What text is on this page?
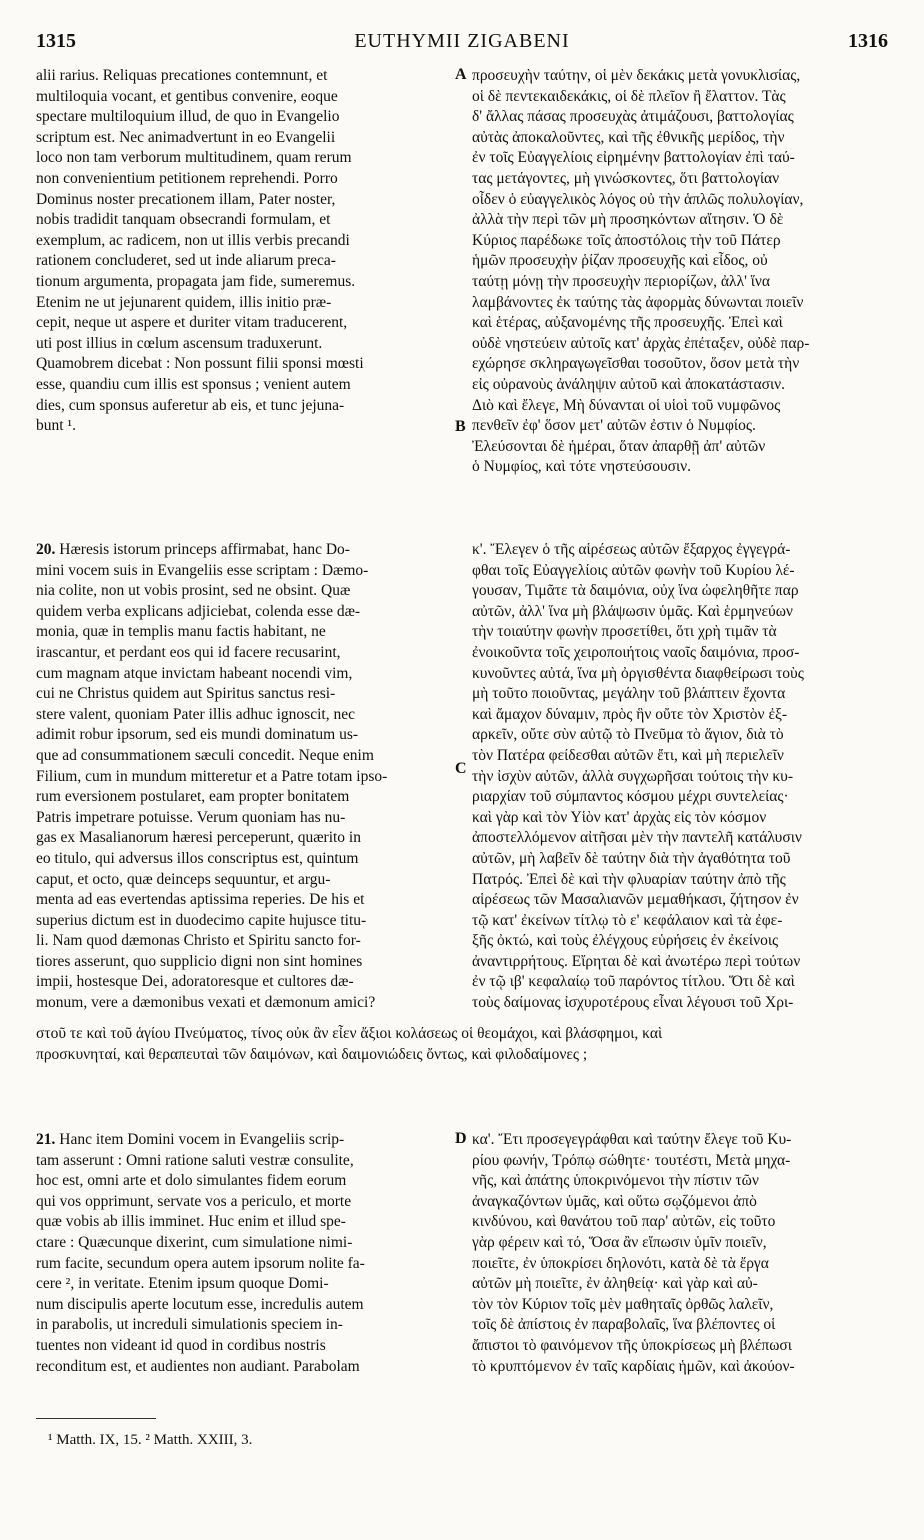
1315	EUTHYMII ZIGABENI	1316
alii rarius. Reliquas precationes contemnunt, et
multiloquia vocant, et gentibus convenire, eoque
spectare multiloquium illud, de quo in Evangelio
scriptum est. Nec animadvertunt in eo Evangelii
loco non tam verborum multitudinem, quam rerum
non convenientium petitionem reprehendi. Porro
Dominus noster precationem illam, Pater noster,
nobis tradidit tanquam obsecrandi formulam, et
exemplum, ac radicem, non ut illis verbis precandi
rationem concluderet, sed ut inde aliarum preca-
tionum argumenta, propagata jam fide, sumeremus.
Etenim ne ut jejunarent quidem, illis initio præ-
cepit, neque ut aspere et duriter vitam traducerent,
uti post illius in cœlum ascensum traduxerunt.
Quamobrem dicebat : Non possunt filii sponsi mœsti
esse, quandiu cum illis est sponsus ; venient autem
dies, cum sponsus auferetur ab eis, et tunc jejuna-
bunt ¹.
20. Hæresis istorum princeps affirmabat, hanc Do-
mini vocem suis in Evangeliis esse scriptam : Dæmo-
nia colite, non ut vobis prosint, sed ne obsint. Quæ
quidem verba explicans adjiciebat, colenda esse dæ-
monia, quæ in templis manu factis habitant, ne
irascantur, et perdant eos qui id facere recusarint,
cum magnam atque invictam habeant nocendi vim,
cui ne Christus quidem aut Spiritus sanctus resi-
stere valent, quoniam Pater illis adhuc ignoscit, nec
adimit robur ipsorum, sed eis mundi dominatum us-
que ad consummationem sæculi concedit. Neque enim
Filium, cum in mundum mitteretur et a Patre totam ipso-
rum eversionem postularet, eam propter bonitatem
Patris impetrare potuisse. Verum quoniam has nu-
gas ex Masalianorum hæresi perceperunt, quærito in
eo titulo, qui adversus illos conscriptus est, quintum
caput, et octo, quæ deinceps sequuntur, et argu-
menta ad eas evertendas aptissima reperies. De his et
superius dictum est in duodecimo capite hujusce titu-
li. Nam quod dæmonas Christo et Spiritu sancto for-
tiores asserunt, quo supplicio digni non sint homines
impii, hostesque Dei, adoratoresque et cultores dæ-
monum, vere a dæmonibus vexati et dæmonum amici?
21. Hanc item Domini vocem in Evangeliis scrip-
tam asserunt : Omni ratione saluti vestræ consulite,
hoc est, omni arte et dolo simulantes fidem eorum
qui vos opprimunt, servate vos a periculo, et morte
quæ vobis ab illis imminet. Huc enim et illud spe-
ctare : Quæcunque dixerint, cum simulatione nimi-
rum facite, secundum opera autem ipsorum nolite fa-
cere ², in veritate. Etenim ipsum quoque Domi-
num discipulis aperte locutum esse, incredulis autem
in parabolis, ut increduli simulationis speciem in-
tuentes non videant id quod in cordibus nostris
reconditum est, et audientes non audiant. Parabolam
προσευχὴν ταύτην, οἱ μὲν δεκάκις μετὰ γονυκλισίας,
οἱ δὲ πεντεκαιδεκάκις, οἱ δὲ πλεῖον ἢ ἔλαττον. Τὰς
δ' ἄλλας πάσας προσευχὰς ἀτιμάζουσι, βαττολογίας
αὐτὰς ἀποκαλοῦντες, καὶ τῆς ἐθνικῆς μερίδος, τὴν
ἐν τοῖς Εὐαγγελίοις εἰρημένην βαττολογίαν ἐπὶ ταύ-
τας μετάγοντες, μὴ γινώσκοντες, ὅτι βαττολογίαν
οἶδεν ὁ εὐαγγελικὸς λόγος οὐ τὴν ἁπλῶς πολυλογίαν,
ἀλλὰ τὴν περὶ τῶν μὴ προσηκόντων αἴτησιν. Ὁ δὲ
Κύριος παρέδωκε τοῖς ἀποστόλοις τὴν τοῦ Πάτερ
ἡμῶν προσευχὴν ῥίζαν προσευχῆς καὶ εἶδος, οὐ
ταύτῃ μόνῃ τὴν προσευχὴν περιορίζων, ἀλλ' ἵνα
λαμβάνοντες ἐκ ταύτης τὰς ἀφορμὰς δύνωνται ποιεῖν
καὶ ἑτέρας, αὐξανομένης τῆς προσευχῆς. Ἐπεὶ καὶ
οὐδὲ νηστεύειν αὐτοῖς κατ' ἀρχὰς ἐπέταξεν, οὐδὲ παρ-
εχώρησε σκληραγωγεῖσθαι τοσοῦτον, ὅσον μετὰ τὴν
εἰς οὐρανοὺς ἀνάληψιν αὐτοῦ καὶ ἀποκατάστασιν.
Διὸ καὶ ἔλεγε, Μὴ δύνανται οἱ υἱοὶ τοῦ νυμφῶνος
πενθεῖν ἐφ' ὅσον μετ' αὐτῶν ἐστιν ὁ Νυμφίος.
Ἐλεύσονται δὲ ἡμέραι, ὅταν ἀπαρθῇ ἀπ' αὐτῶν
ὁ Νυμφίος, καὶ τότε νηστεύσουσιν.
κ'. Ἔλεγεν ὁ τῆς αἱρέσεως αὐτῶν ἔξαρχος ἐγγεγρά-
φθαι τοῖς Εὐαγγελίοις αὐτῶν φωνὴν τοῦ Κυρίου λέ-
γουσαν, Τιμᾶτε τὰ δαιμόνια, οὐχ ἵνα ὠφεληθῆτε παρ
αὐτῶν, ἀλλ' ἵνα μὴ βλάψωσιν ὑμᾶς. Καὶ ἑρμηνεύων
τὴν τοιαύτην φωνὴν προσετίθει, ὅτι χρὴ τιμᾶν τὰ
ἐνοικοῦντα τοῖς χειροποιήτοις ναοῖς δαιμόνια, προσ-
κυνοῦντες αὐτά, ἵνα μὴ ὀργισθέντα διαφθείρωσι τοὺς
μὴ τοῦτο ποιοῦντας, μεγάλην τοῦ βλάπτειν ἔχοντα
καὶ ἄμαχον δύναμιν, πρὸς ἣν οὔτε τὸν Χριστὸν ἐξ-
αρκεῖν, οὔτε σὺν αὐτῷ τὸ Πνεῦμα τὸ ἅγιον, διὰ τὸ
τὸν Πατέρα φείδεσθαι αὐτῶν ἔτι, καὶ μὴ περιελεῖν
τὴν ἰσχὺν αὐτῶν, ἀλλὰ συγχωρῆσαι τούτοις τὴν κυ-
ριαρχίαν τοῦ σύμπαντος κόσμου μέχρι συντελείας·
καὶ γὰρ καὶ τὸν Υἱὸν κατ' ἀρχὰς εἰς τὸν κόσμον
ἀποστελλόμενον αἰτῆσαι μὲν τὴν παντελῆ κατάλυσιν
αὐτῶν, μὴ λαβεῖν δὲ ταύτην διὰ τὴν ἀγαθότητα τοῦ
Πατρός. Ἐπεὶ δὲ καὶ τὴν φλυαρίαν ταύτην ἀπὸ τῆς
αἱρέσεως τῶν Μασαλιανῶν μεμαθήκασι, ζήτησον ἐν
τῷ κατ' ἐκείνων τίτλῳ τὸ ε' κεφάλαιον καὶ τὰ ἐφε-
ξῆς ὀκτώ, καὶ τοὺς ἐλέγχους εὑρήσεις ἐν ἐκείνοις
ἀναντιρρήτους. Εἴρηται δὲ καὶ ἀνωτέρω περὶ τούτων
ἐν τῷ ιβ' κεφαλαίῳ τοῦ παρόντος τίτλου. Ὅτι δὲ καὶ
τοὺς δαίμονας ἰσχυροτέρους εἶναι λέγουσι τοῦ Χρι-
στοῦ τε καὶ τοῦ ἁγίου Πνεύματος, τίνος οὐκ ἂν εἶεν ἄξιοι κολάσεως οἱ θεομάχοι, καὶ βλάσφημοι, καὶ
προσκυνηταί, καὶ θεραπευταὶ τῶν δαιμόνων, καὶ δαιμονιώδεις ὄντως, καὶ φιλοδαίμονες ;
κα'. Ἔτι προσεγεγράφθαι καὶ ταύτην ἔλεγε τοῦ Κυ-
ρίου φωνήν, Τρόπῳ σώθητε· τουτέστι, Μετὰ μηχα-
νῆς, καὶ ἀπάτης ὑποκρινόμενοι τὴν πίστιν τῶν
ἀναγκαζόντων ὑμᾶς, καὶ οὕτω σῳζόμενοι ἀπὸ
κινδύνου, καὶ θανάτου τοῦ παρ' αὐτῶν, εἰς τοῦτο
γὰρ φέρειν καὶ τό, Ὅσα ἂν εἴπωσιν ὑμῖν ποιεῖν,
ποιεῖτε, ἐν ὑποκρίσει δηλονότι, κατὰ δὲ τὰ ἔργα
αὐτῶν μὴ ποιεῖτε, ἐν ἀληθείᾳ· καὶ γὰρ καὶ αὐ-
τὸν τὸν Κύριον τοῖς μὲν μαθηταῖς ὀρθῶς λαλεῖν,
τοῖς δὲ ἀπίστοις ἐν παραβολαῖς, ἵνα βλέποντες οἱ
ἄπιστοι τὸ φαινόμενον τῆς ὑποκρίσεως μὴ βλέπωσι
τὸ κρυπτόμενον ἐν ταῖς καρδίαις ἡμῶν, καὶ ἀκούον-
A
B
C
D
¹ Matth. IX, 15. ² Matth. XXIII, 3.
